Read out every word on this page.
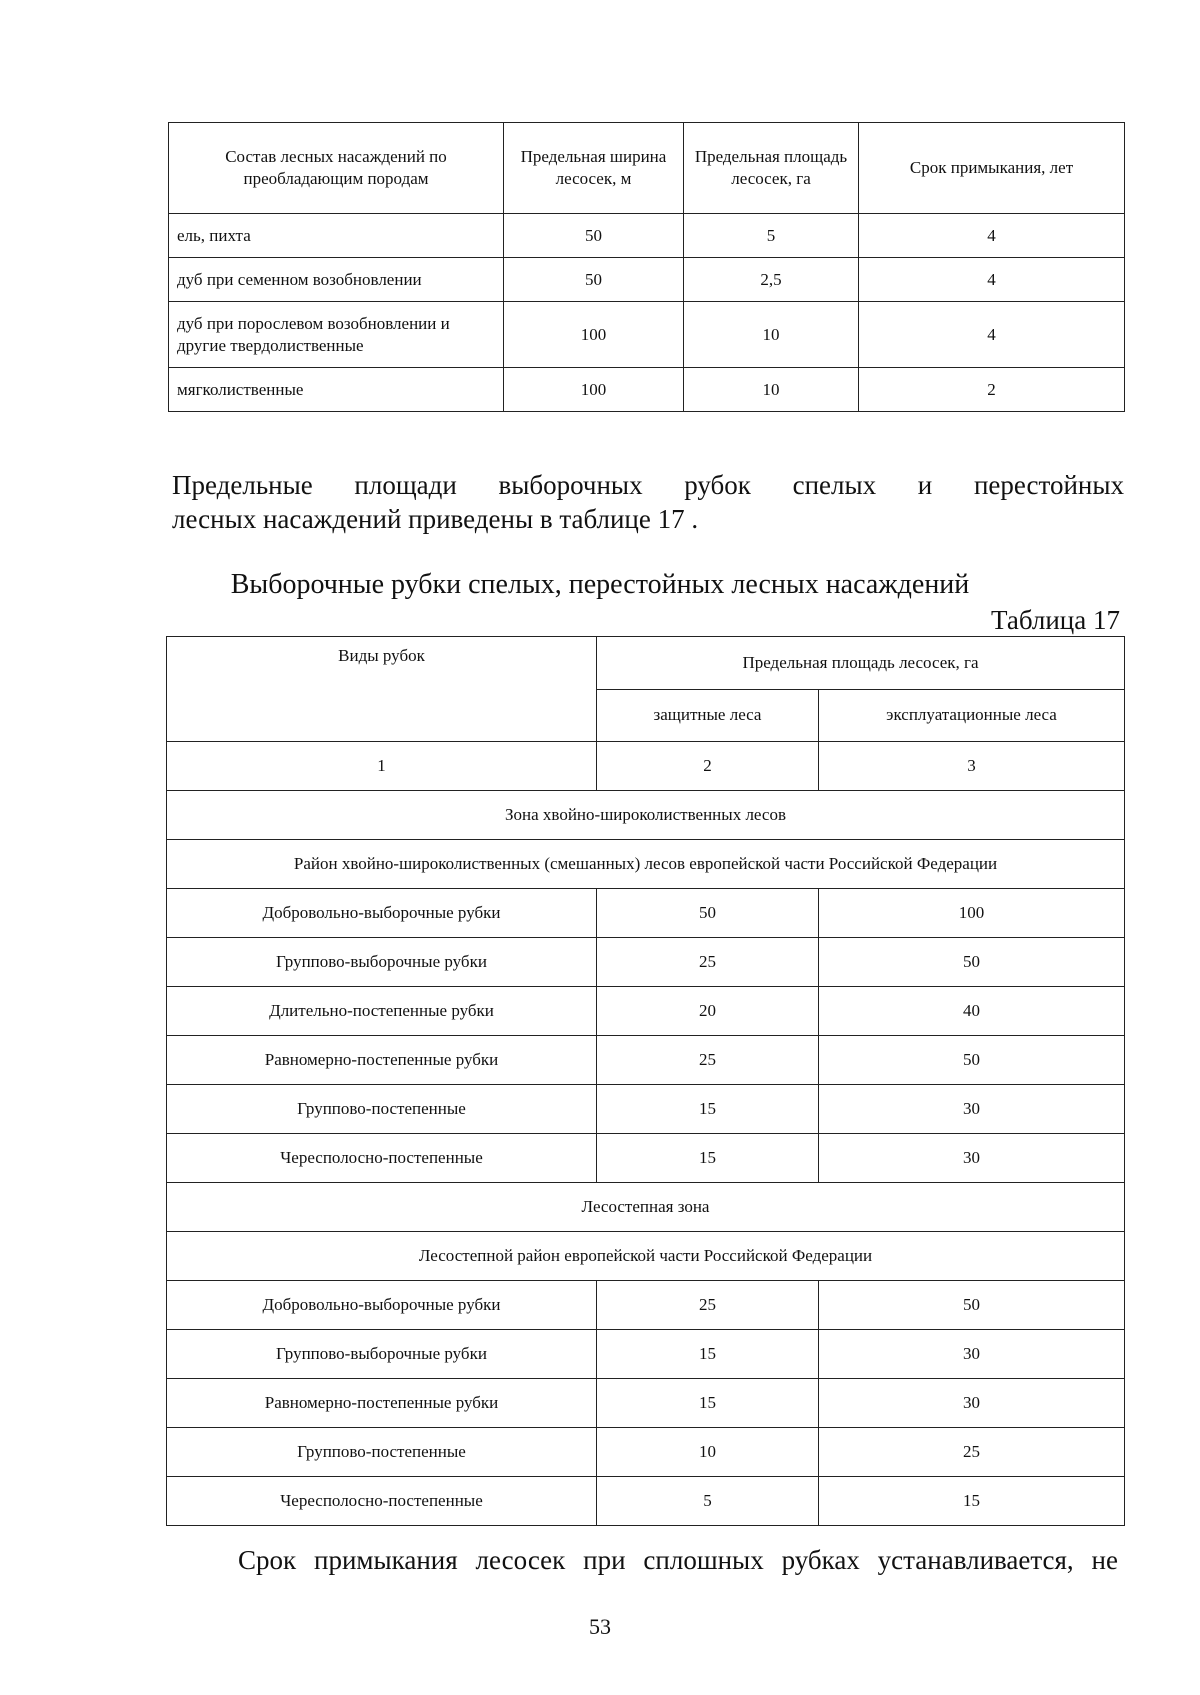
Состав лесных насаждений по преобладающим породам	Предельная ширина лесосек, м	Предельная площадь лесосек, га	Срок примыкания, лет
ель, пихта	50	5	4
дуб при семенном возобновлении	50	2,5	4
дуб при порослевом возобновлении и другие твердолиственные	100	10	4
мягколиственные	100	10	2
Предельные площади выборочных рубок спелых и перестойных
лесных насаждений приведены в таблице 17 .
Выборочные рубки спелых, перестойных лесных насаждений
Таблица 17
Виды рубок	Предельная площадь лесосек, га	
	защитные леса	эксплуатационные леса
1	2	3
Зона хвойно-широколиственных лесов		
Район хвойно-широколиственных (смешанных) лесов европейской части Российской Федерации		
Добровольно-выборочные рубки	50	100
Группово-выборочные рубки	25	50
Длительно-постепенные рубки	20	40
Равномерно-постепенные рубки	25	50
Группово-постепенные	15	30
Чересполосно-постепенные	15	30
Лесостепная зона		
Лесостепной район европейской части Российской Федерации		
Добровольно-выборочные рубки	25	50
Группово-выборочные рубки	15	30
Равномерно-постепенные рубки	15	30
Группово-постепенные	10	25
Чересполосно-постепенные	5	15
Срок примыкания лесосек при сплошных рубках устанавливается, не
53
